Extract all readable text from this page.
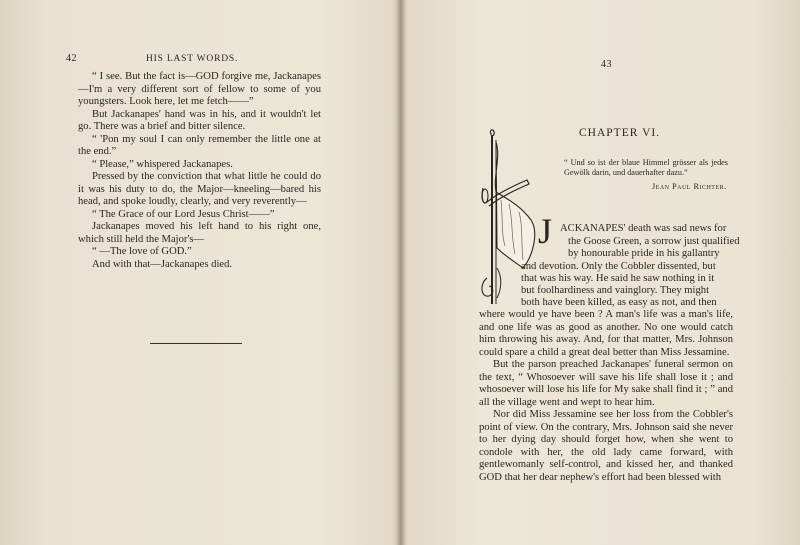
42	HIS LAST WORDS.

“ I see. But the fact is—GOD forgive me, Jackanapes —I'm a very different sort of fellow to some of you youngsters. Look here, let me fetch——”

But Jackanapes' hand was in his, and it wouldn't let go. There was a brief and bitter silence.

“ 'Pon my soul I can only remember the little one at the end.”

“ Please,” whispered Jackanapes.

Pressed by the conviction that what little he could do it was his duty to do, the Major—kneeling—bared his head, and spoke loudly, clearly, and very reverently—

“ The Grace of our Lord Jesus Christ——”

Jackanapes moved his left hand to his right one, which still held the Major's—

“ —The love of GOD.”

And with that—Jackanapes died.

43
CHAPTER VI.
“ Und so ist der blaue Himmel grösser als jedes Gewölk darin, und dauerhafter dazu.”
Jean Paul Richter.
J ACKANAPES' death was sad news for
the Goose Green, a sorrow just qualified
by honourable pride in his gallantry
and devotion. Only the Cobbler dissented, but
that was his way. He said he saw nothing in it
but foolhardiness and vainglory. They might
both have been killed, as easy as not, and then

where would ye have been ? A man's life was a man's life, and one life was as good as another. No one would catch him throwing his away. And, for that matter, Mrs. Johnson could spare a child a great deal better than Miss Jessamine.

But the parson preached Jackanapes' funeral sermon on the text, “ Whosoever will save his life shall lose it ; and whosoever will lose his life for My sake shall find it ; ” and all the village went and wept to hear him.

Nor did Miss Jessamine see her loss from the Cobbler's point of view. On the contrary, Mrs. Johnson said she never to her dying day should forget how, when she went to condole with her, the old lady came forward, with gentlewomanly self-control, and kissed her, and thanked GOD that her dear nephew's effort had been blessed with
